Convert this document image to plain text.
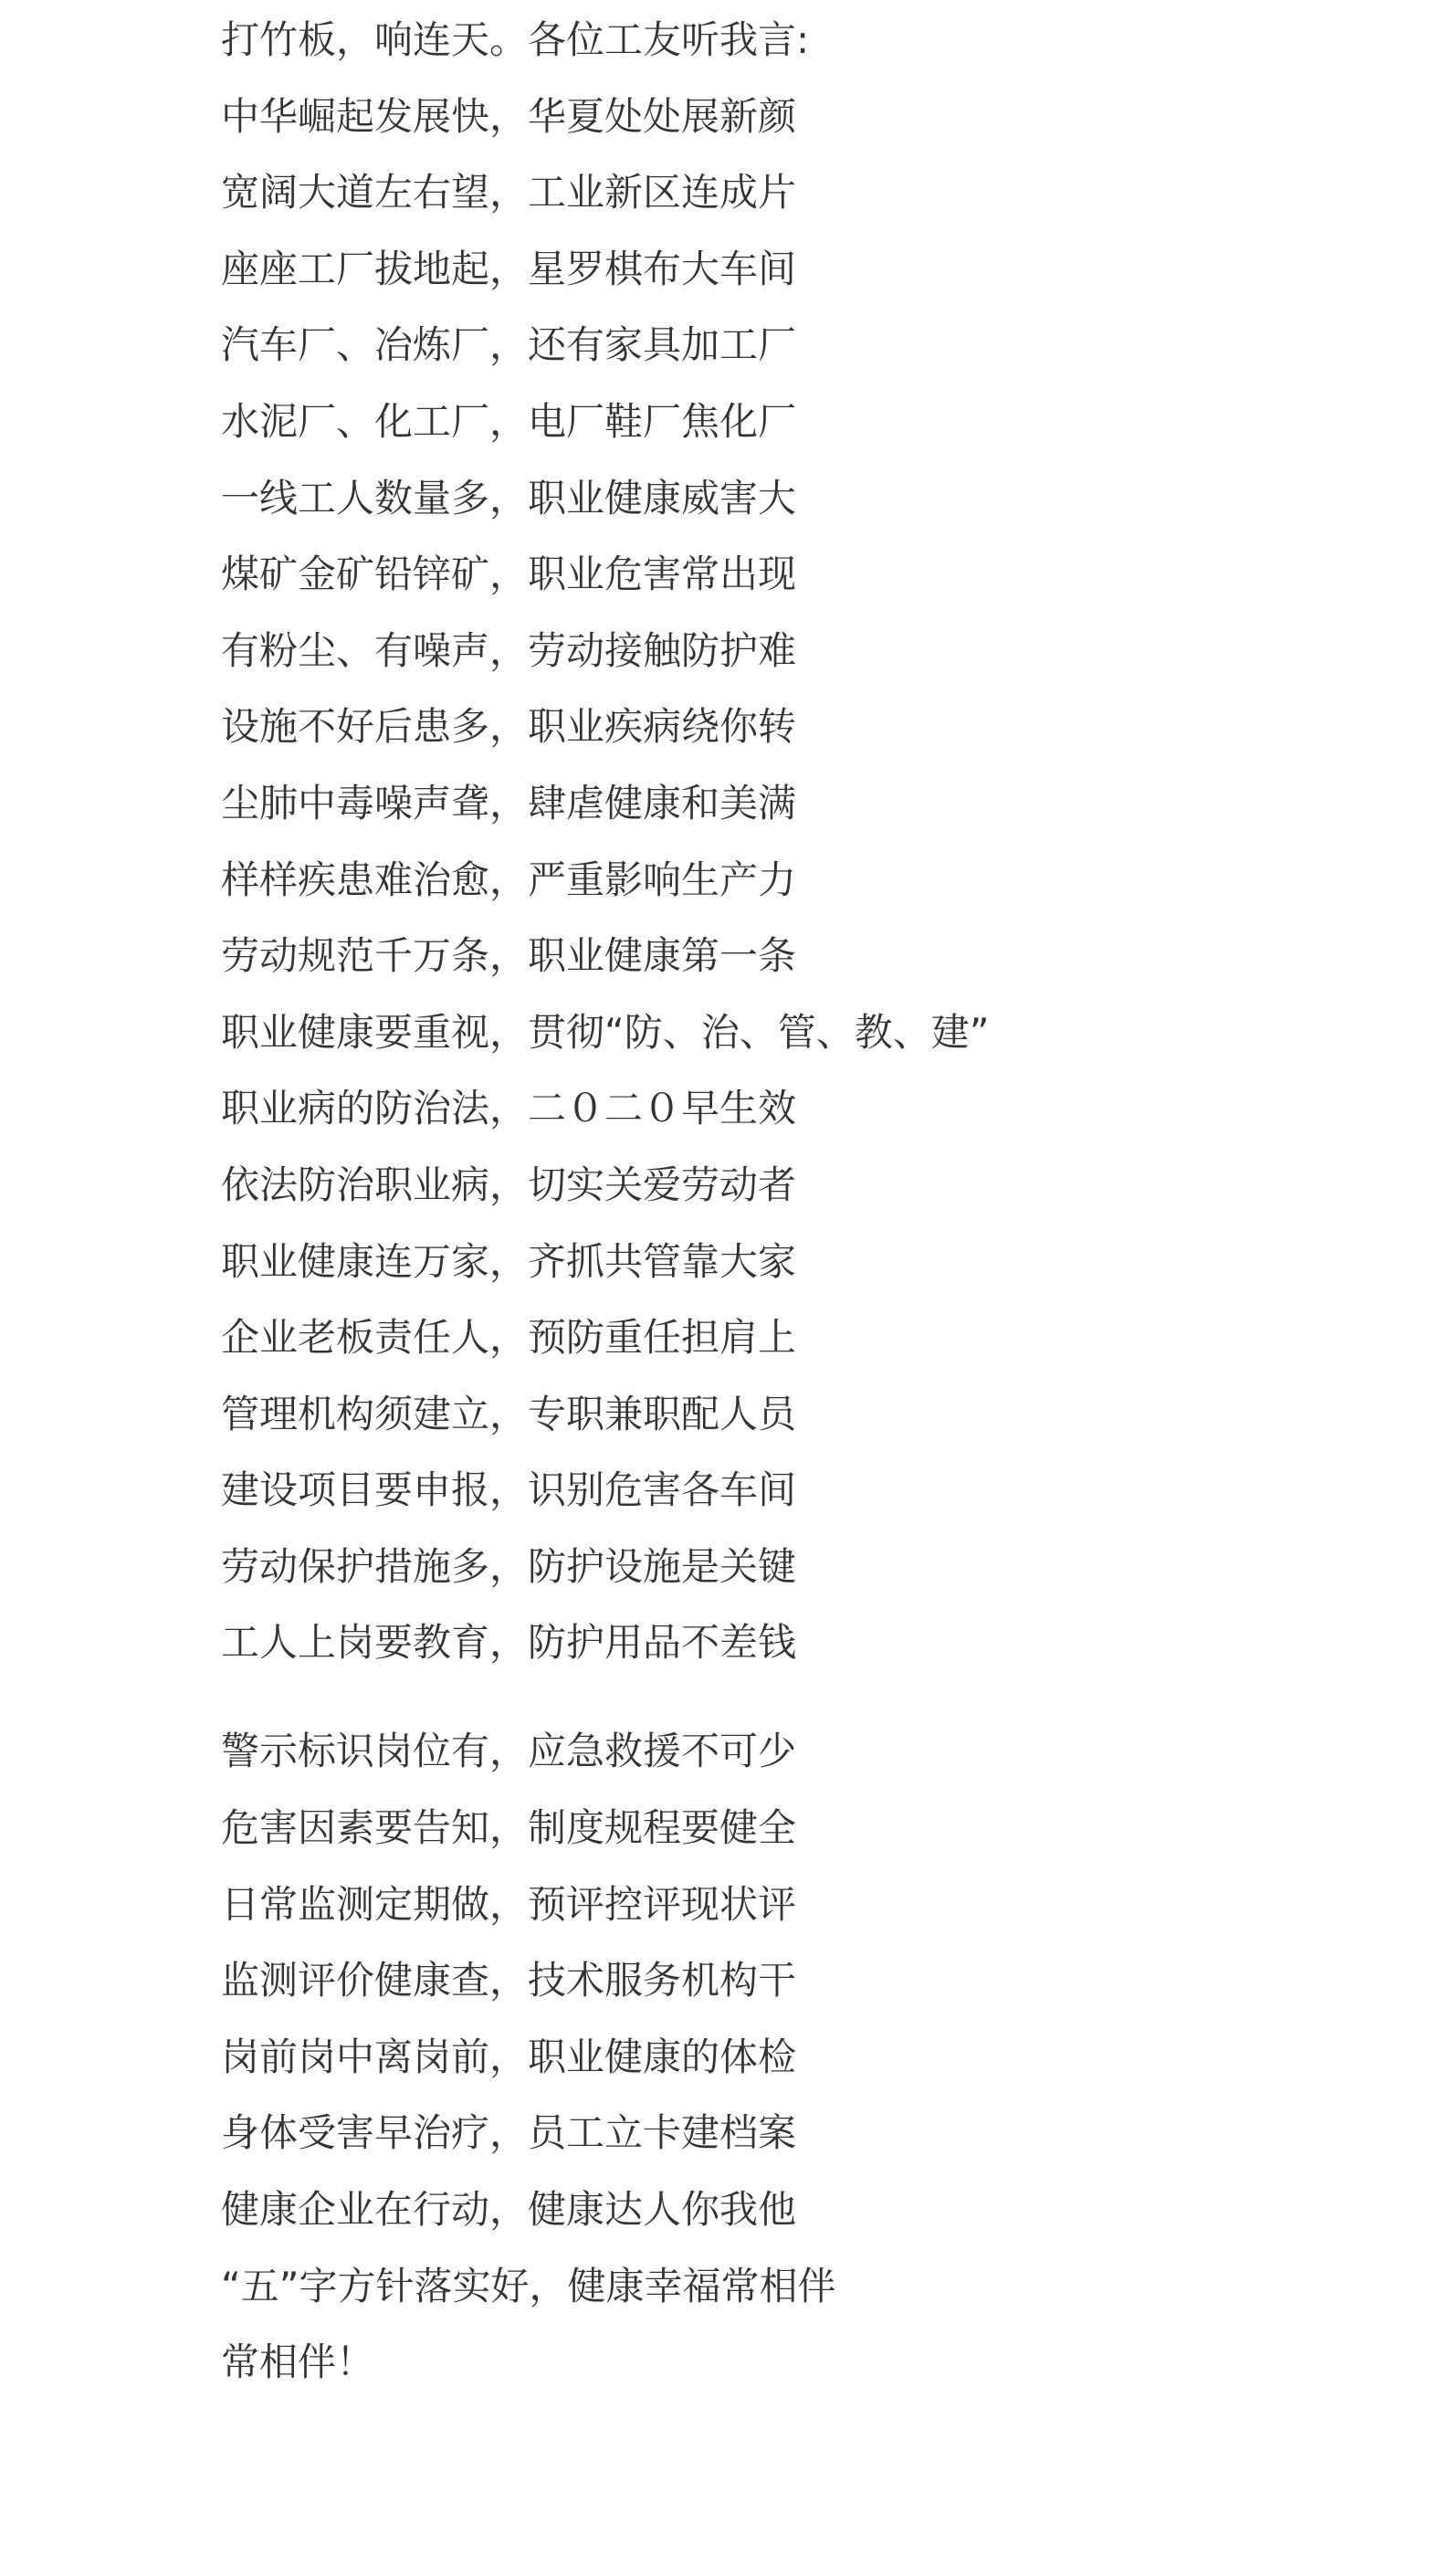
打竹板，响连天。各位工友听我言:
中华崛起发展快，华夏处处展新颜
宽阔大道左右望，工业新区连成片
座座工厂拔地起，星罗棋布大车间
汽车厂、冶炼厂，还有家具加工厂
水泥厂、化工厂，电厂鞋厂焦化厂
一线工人数量多，职业健康威害大
煤矿金矿铅锌矿，职业危害常出现
有粉尘、有噪声，劳动接触防护难
设施不好后患多，职业疾病绕你转
尘肺中毒噪声聋，肆虐健康和美满
样样疾患难治愈，严重影响生产力
劳动规范千万条，职业健康第一条
职业健康要重视，贯彻“防、治、管、教、建”
职业病的防治法，二０二０早生效
依法防治职业病，切实关爱劳动者
职业健康连万家，齐抓共管靠大家
企业老板责任人，预防重任担肩上
管理机构须建立，专职兼职配人员
建设项目要申报，识别危害各车间
劳动保护措施多，防护设施是关键
工人上岗要教育，防护用品不差钱
警示标识岗位有，应急救援不可少
危害因素要告知，制度规程要健全
日常监测定期做，预评控评现状评
监测评价健康查，技术服务机构干
岗前岗中离岗前，职业健康的体检
身体受害早治疗，员工立卡建档案
健康企业在行动，健康达人你我他
“五”字方针落实好，健康幸福常相伴
常相伴！
